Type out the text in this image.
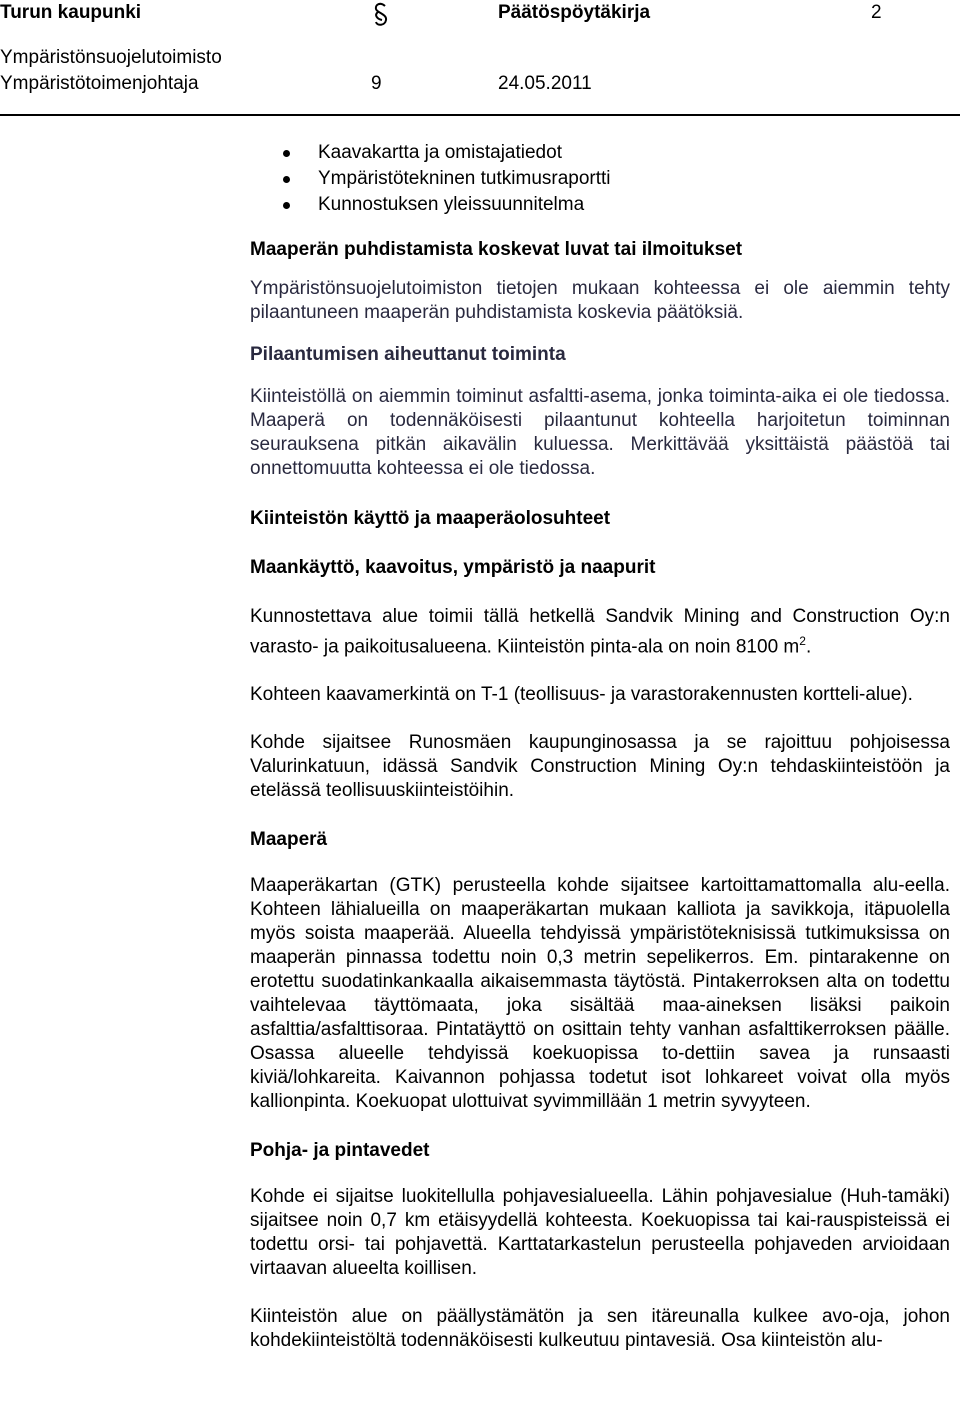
Turun kaupunki	Päätöspöytäkirja	2
Ympäristönsuojelutoimisto
Ympäristötoimenjohtaja	9	24.05.2011
Kaavakartta ja omistajatiedot
Ympäristötekninen tutkimusraportti
Kunnostuksen yleissuunnitelma
Maaperän puhdistamista koskevat luvat tai ilmoitukset

Ympäristönsuojelutoimiston tietojen mukaan kohteessa ei ole aiemmin tehty pilaantuneen maaperän puhdistamista koskevia päätöksiä.

Pilaantumisen aiheuttanut toiminta

Kiinteistöllä on aiemmin toiminut asfaltti-asema, jonka toiminta-aika ei ole tiedossa. Maaperä on todennäköisesti pilaantunut kohteella harjoitetun toiminnan seurauksena pitkän aikavälin kuluessa. Merkittävää yksittäistä päästöä tai onnettomuutta kohteessa ei ole tiedossa.

Kiinteistön käyttö ja maaperäolosuhteet
Maankäyttö, kaavoitus, ympäristö ja naapurit

Kunnostettava alue toimii tällä hetkellä Sandvik Mining and Construction Oy:n varasto- ja paikoitusalueena. Kiinteistön pinta-ala on noin 8100 $m^2$.

Kohteen kaavamerkintä on T-1 (teollisuus- ja varastorakennusten kortteli-alue).

Kohde sijaitsee Runosmäen kaupunginosassa ja se rajoittuu pohjoisessa Valurinkatuun, idässä Sandvik Construction Mining Oy:n tehdaskiinteistöön ja etelässä teollisuuskiinteistöihin.

Maaperä

Maaperäkartan (GTK) perusteella kohde sijaitsee kartoittamattomalla alu-eella. Kohteen lähialueilla on maaperäkartan mukaan kalliota ja savikkoja, itäpuolella myös soista maaperää. Alueella tehdyissä ympäristöteknisissä tutkimuksissa on maaperän pinnassa todettu noin 0,3 metrin sepelikerros. Em. pintarakenne on erotettu suodatinkankaalla aikaisemmasta täytöstä. Pintakerroksen alta on todettu vaihtelevaa täyttömaata, joka sisältää maa-aineksen lisäksi paikoin asfalttia/asfalttisoraa. Pintatäyttö on osittain tehty vanhan asfalttikerroksen päälle. Osassa alueelle tehdyissä koekuopissa to-dettiin savea ja runsaasti kiviä/lohkareita. Kaivannon pohjassa todetut isot lohkareet voivat olla myös kallionpinta. Koekuopat ulottuivat syvimmillään 1 metrin syvyyteen.

Pohja- ja pintavedet

Kohde ei sijaitse luokitellulla pohjavesialueella. Lähin pohjavesialue (Huh-tamäki) sijaitsee noin 0,7 km etäisyydellä kohteesta. Koekuopissa tai kai-rauspisteissä ei todettu orsi- tai pohjavettä. Karttatarkastelun perusteella pohjaveden arvioidaan virtaavan alueelta koillisen.

Kiinteistön alue on päällystämätön ja sen itäreunalla kulkee avo-oja, johon kohdekiinteistöltä todennäköisesti kulkeutuu pintavesiä. Osa kiinteistön alu-
